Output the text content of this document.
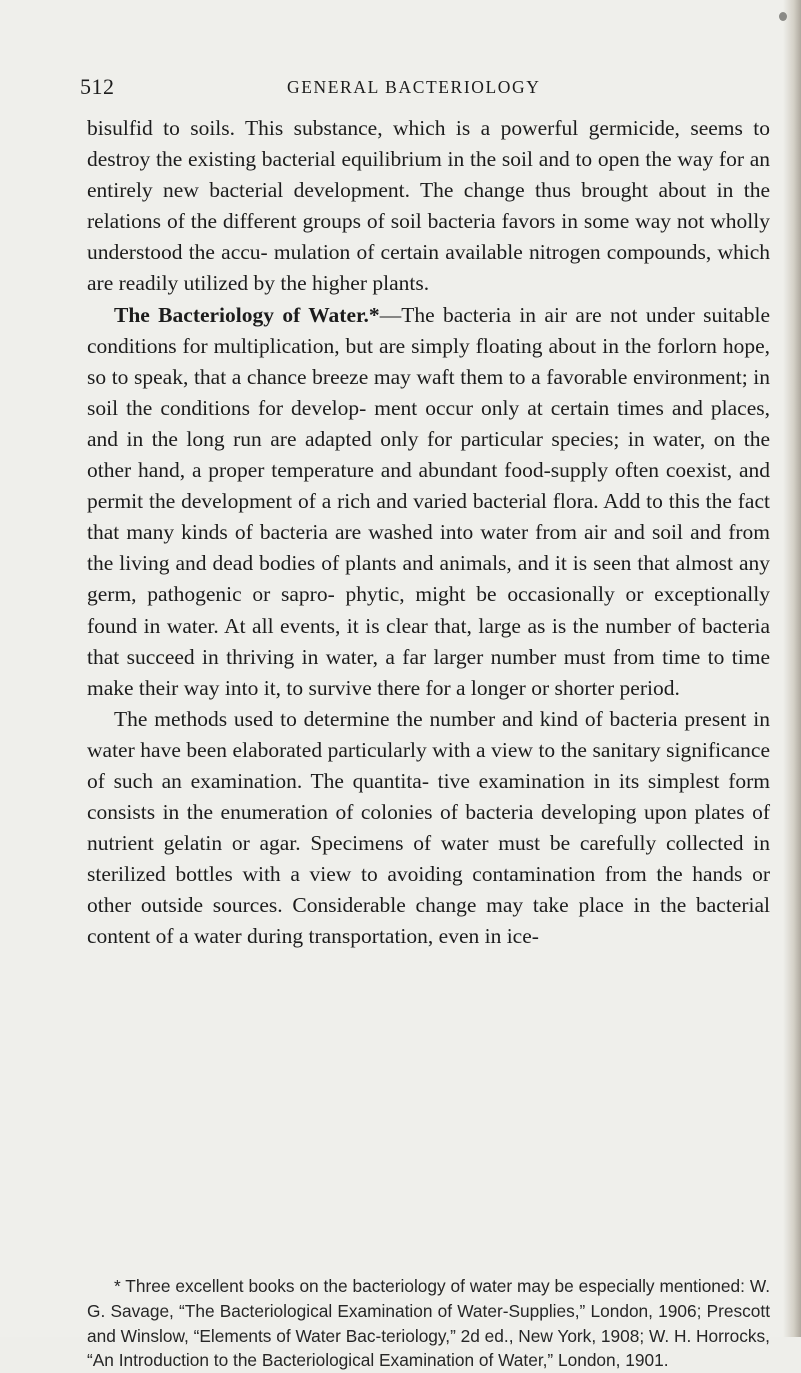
512	GENERAL BACTERIOLOGY

bisulfid to soils. This substance, which is a powerful germicide, seems to destroy the existing bacterial equilibrium in the soil and to open the way for an entirely new bacterial development. The change thus brought about in the relations of the different groups of soil bacteria favors in some way not wholly understood the accu- mulation of certain available nitrogen compounds, which are readily utilized by the higher plants.

The Bacteriology of Water.*—The bacteria in air are not under suitable conditions for multiplication, but are simply floating about in the forlorn hope, so to speak, that a chance breeze may waft them to a favorable environment; in soil the conditions for develop- ment occur only at certain times and places, and in the long run are adapted only for particular species; in water, on the other hand, a proper temperature and abundant food-supply often coexist, and permit the development of a rich and varied bacterial flora. Add to this the fact that many kinds of bacteria are washed into water from air and soil and from the living and dead bodies of plants and animals, and it is seen that almost any germ, pathogenic or sapro- phytic, might be occasionally or exceptionally found in water. At all events, it is clear that, large as is the number of bacteria that succeed in thriving in water, a far larger number must from time to time make their way into it, to survive there for a longer or shorter period.

The methods used to determine the number and kind of bacteria present in water have been elaborated particularly with a view to the sanitary significance of such an examination. The quantita- tive examination in its simplest form consists in the enumeration of colonies of bacteria developing upon plates of nutrient gelatin or agar. Specimens of water must be carefully collected in sterilized bottles with a view to avoiding contamination from the hands or other outside sources. Considerable change may take place in the bacterial content of a water during transportation, even in ice-

* Three excellent books on the bacteriology of water may be especially mentioned: W. G. Savage, “The Bacteriological Examination of Water-Supplies,” London, 1906; Prescott and Winslow, “Elements of Water Bac-teriology,” 2d ed., New York, 1908; W. H. Horrocks, “An Introduction to the Bacteriological Examination of Water,” London, 1901.
